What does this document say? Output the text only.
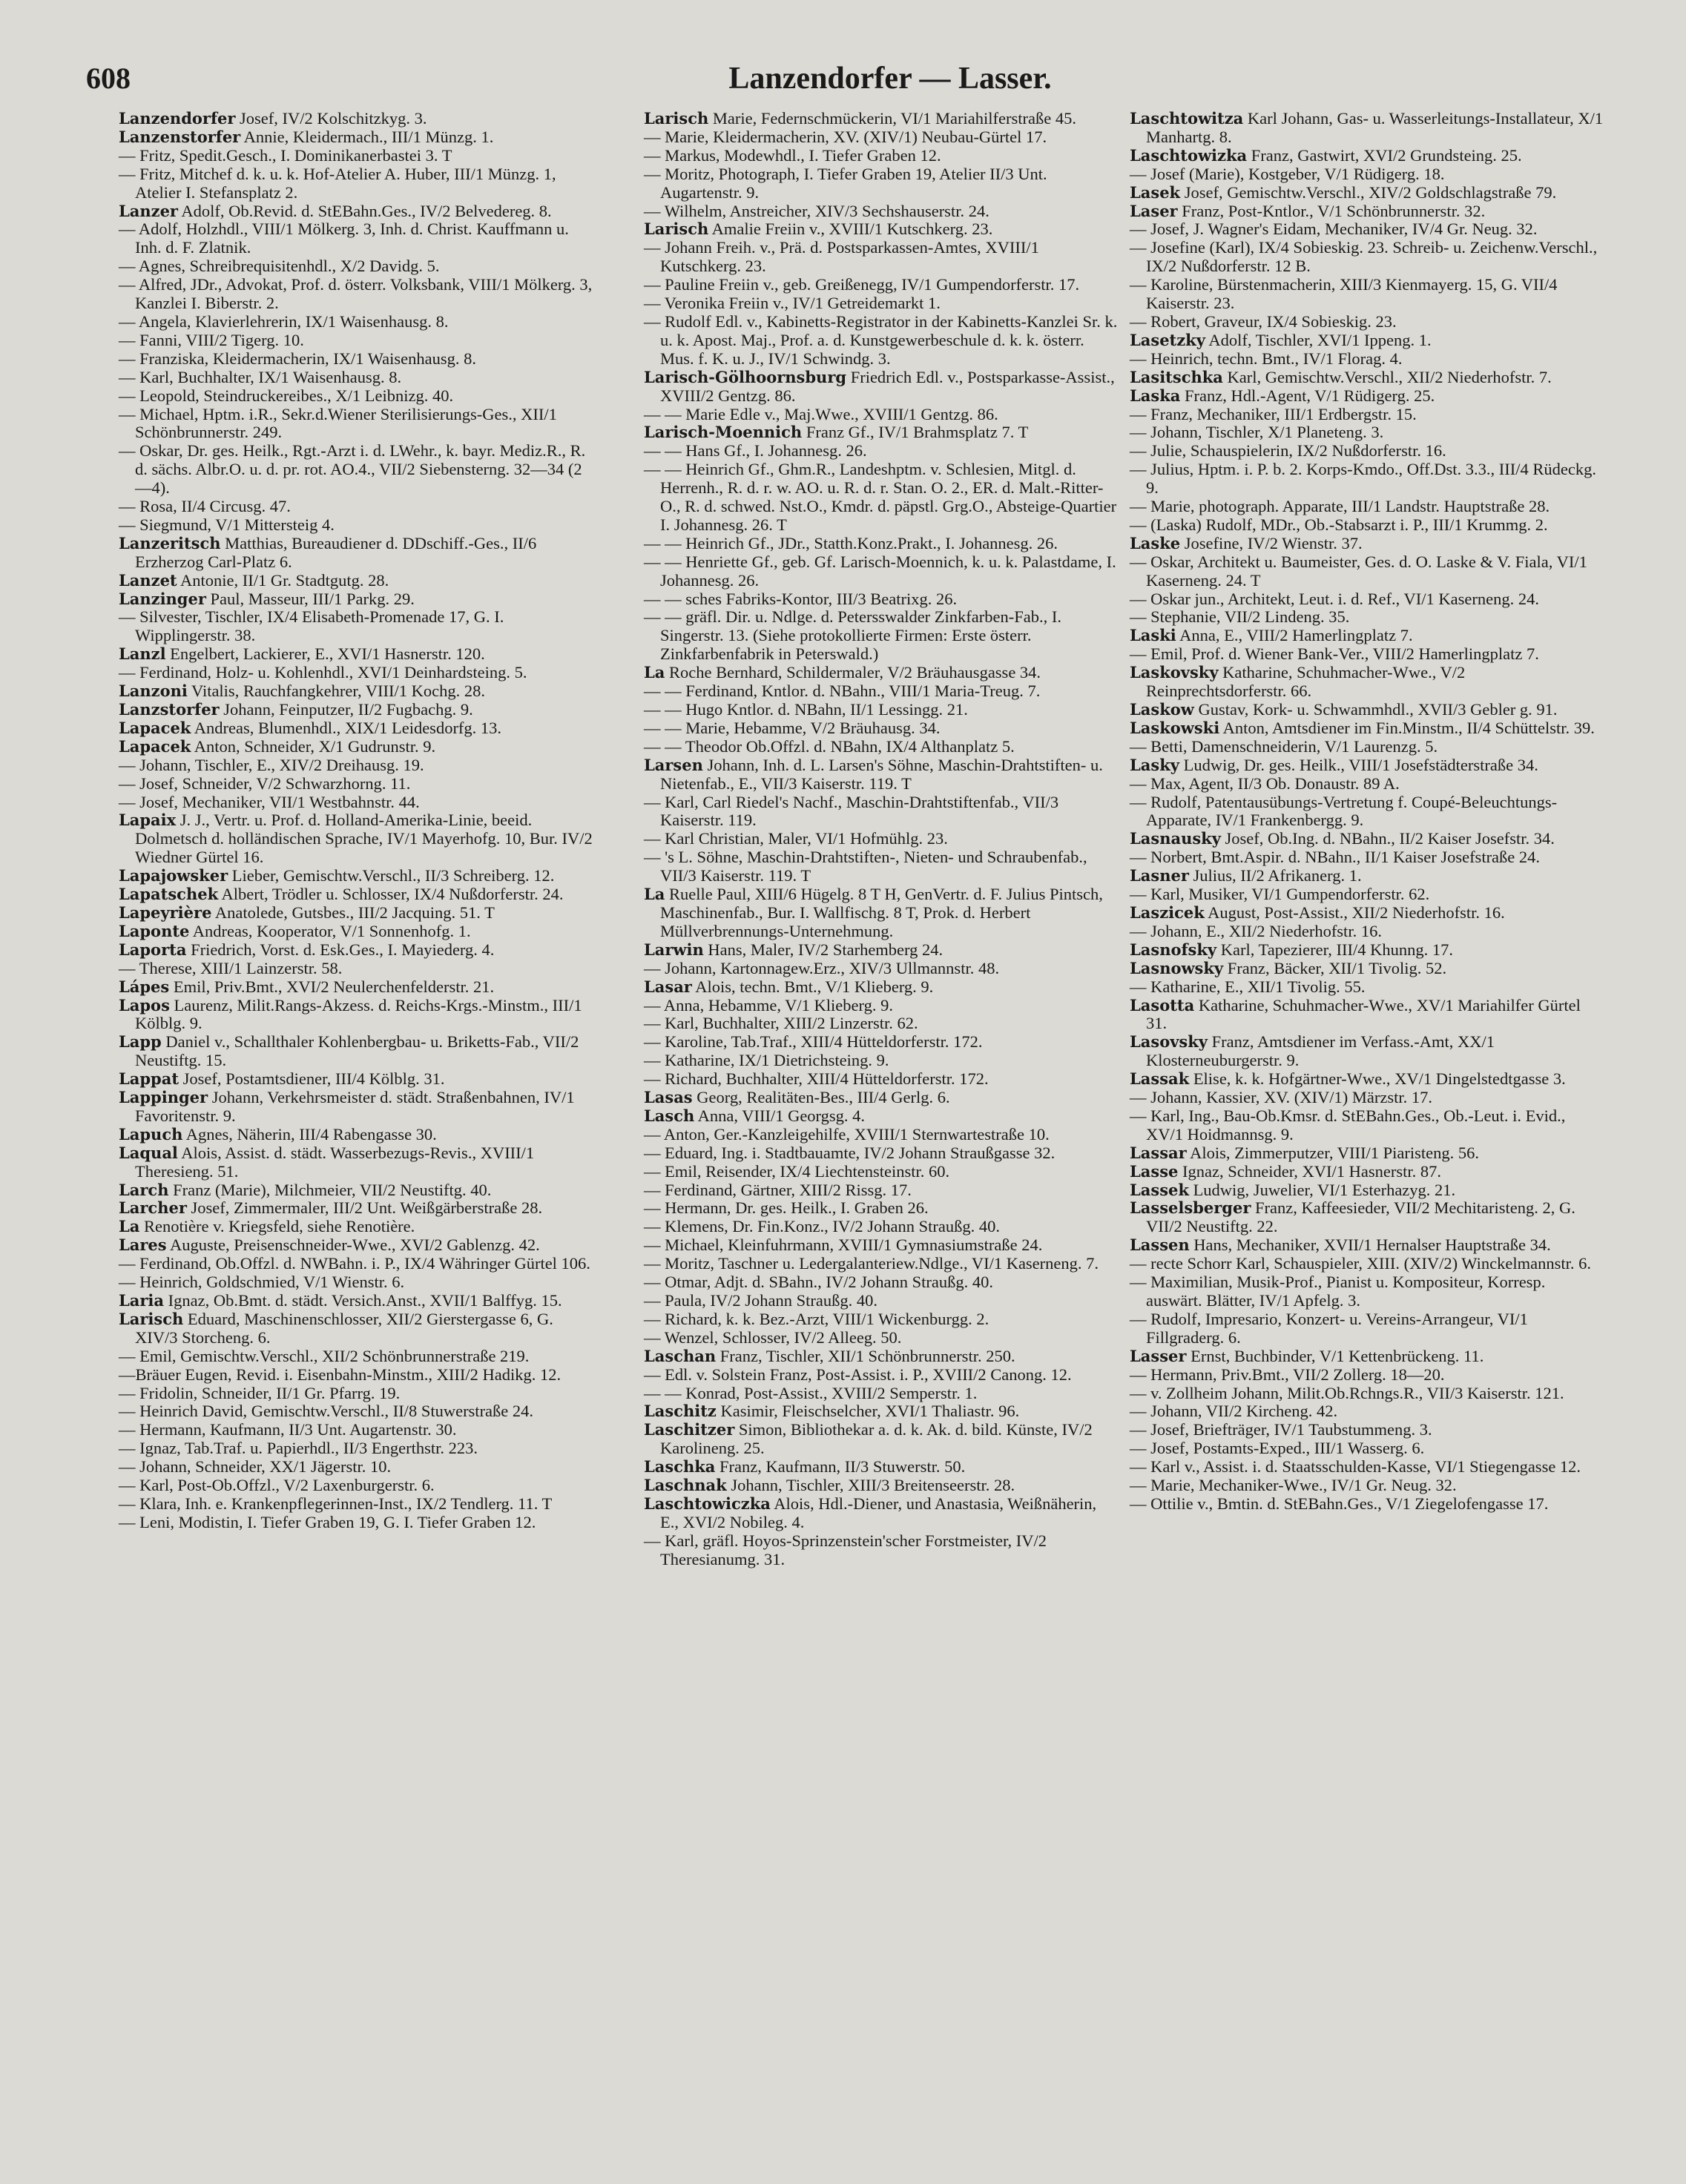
608	Lanzendorfer — Lasser.

Lanzendorfer Josef, IV/2 Kolschitzkyg. 3.

Lanzenstorfer Annie, Kleidermach., III/1 Münzg. 1.

— Fritz, Spedit.Gesch., I. Dominikanerbastei 3. T

— Fritz, Mitchef d. k. u. k. Hof-Atelier A. Huber, III/1 Münzg. 1, Atelier I. Stefansplatz 2.

Lanzer Adolf, Ob.Revid. d. StEBahn.Ges., IV/2 Belvedereg. 8.

— Adolf, Holzhdl., VIII/1 Mölkerg. 3, Inh. d. Christ. Kauffmann u. Inh. d. F. Zlatnik.

— Agnes, Schreibrequisitenhdl., X/2 Davidg. 5.

— Alfred, JDr., Advokat, Prof. d. österr. Volksbank, VIII/1 Mölkerg. 3, Kanzlei I. Biberstr. 2.

— Angela, Klavierlehrerin, IX/1 Waisenhausg. 8.

— Fanni, VIII/2 Tigerg. 10.

— Franziska, Kleidermacherin, IX/1 Waisenhausg. 8.

— Karl, Buchhalter, IX/1 Waisenhausg. 8.

— Leopold, Steindruckereibes., X/1 Leibnizg. 40.

— Michael, Hptm. i.R., Sekr.d.Wiener Sterilisierungs-Ges., XII/1 Schönbrunnerstr. 249.

— Oskar, Dr. ges. Heilk., Rgt.-Arzt i. d. LWehr., k. bayr. Mediz.R., R. d. sächs. Albr.O. u. d. pr. rot. AO.4., VII/2 Siebensterng. 32—34 (2—4).

— Rosa, II/4 Circusg. 47.

— Siegmund, V/1 Mittersteig 4.

Lanzeritsch Matthias, Bureaudiener d. DDschiff.-Ges., II/6 Erzherzog Carl-Platz 6.

Lanzet Antonie, II/1 Gr. Stadtgutg. 28.

Lanzinger Paul, Masseur, III/1 Parkg. 29.

— Silvester, Tischler, IX/4 Elisabeth-Promenade 17, G. I. Wipplingerstr. 38.

Lanzl Engelbert, Lackierer, E., XVI/1 Hasnerstr. 120.

— Ferdinand, Holz- u. Kohlenhdl., XVI/1 Deinhardsteing. 5.

Lanzoni Vitalis, Rauchfangkehrer, VIII/1 Kochg. 28.

Lanzstorfer Johann, Feinputzer, II/2 Fugbachg. 9.

Lapacek Andreas, Blumenhdl., XIX/1 Leidesdorfg. 13.

Lapacek Anton, Schneider, X/1 Gudrunstr. 9.

— Johann, Tischler, E., XIV/2 Dreihausg. 19.

— Josef, Schneider, V/2 Schwarzhorng. 11.

— Josef, Mechaniker, VII/1 Westbahnstr. 44.

Lapaix J. J., Vertr. u. Prof. d. Holland-Amerika-Linie, beeid. Dolmetsch d. holländischen Sprache, IV/1 Mayerhofg. 10, Bur. IV/2 Wiedner Gürtel 16.

Lapajowsker Lieber, Gemischtw.Verschl., II/3 Schreiberg. 12.

Lapatschek Albert, Trödler u. Schlosser, IX/4 Nußdorferstr. 24.

Lapeyrière Anatolede, Gutsbes., III/2 Jacquing. 51. T

Laponte Andreas, Kooperator, V/1 Sonnenhofg. 1.

Laporta Friedrich, Vorst. d. Esk.Ges., I. Mayiederg. 4.

— Therese, XIII/1 Lainzerstr. 58.

Lápes Emil, Priv.Bmt., XVI/2 Neulerchenfelderstr. 21.

Lapos Laurenz, Milit.Rangs-Akzess. d. Reichs-Krgs.-Minstm., III/1 Kölblg. 9.

Lapp Daniel v., Schallthaler Kohlenbergbau- u. Briketts-Fab., VII/2 Neustiftg. 15.

Lappat Josef, Postamtsdiener, III/4 Kölblg. 31.

Lappinger Johann, Verkehrsmeister d. städt. Straßenbahnen, IV/1 Favoritenstr. 9.

Lapuch Agnes, Näherin, III/4 Rabengasse 30.

Laqual Alois, Assist. d. städt. Wasserbezugs-Revis., XVIII/1 Theresieng. 51.

Larch Franz (Marie), Milchmeier, VII/2 Neustiftg. 40.

Larcher Josef, Zimmermaler, III/2 Unt. Weißgärberstraße 28.

La Renotière v. Kriegsfeld, siehe Renotière.

Lares Auguste, Preisenschneider-Wwe., XVI/2 Gablenzg. 42.

— Ferdinand, Ob.Offzl. d. NWBahn. i. P., IX/4 Währinger Gürtel 106.

— Heinrich, Goldschmied, V/1 Wienstr. 6.

Laria Ignaz, Ob.Bmt. d. städt. Versich.Anst., XVII/1 Balffyg. 15.

Larisch Eduard, Maschinenschlosser, XII/2 Gierstergasse 6, G. XIV/3 Storcheng. 6.

— Emil, Gemischtw.Verschl., XII/2 Schönbrunnerstraße 219.

—Bräuer Eugen, Revid. i. Eisenbahn-Minstm., XIII/2 Hadikg. 12.

— Fridolin, Schneider, II/1 Gr. Pfarrg. 19.

— Heinrich David, Gemischtw.Verschl., II/8 Stuwerstraße 24.

— Hermann, Kaufmann, II/3 Unt. Augartenstr. 30.

— Ignaz, Tab.Traf. u. Papierhdl., II/3 Engerthstr. 223.

— Johann, Schneider, XX/1 Jägerstr. 10.

— Karl, Post-Ob.Offzl., V/2 Laxenburgerstr. 6.

— Klara, Inh. e. Krankenpflegerinnen-Inst., IX/2 Tendlerg. 11. T

— Leni, Modistin, I. Tiefer Graben 19, G. I. Tiefer Graben 12.

Larisch Marie, Federnschmückerin, VI/1 Mariahilferstraße 45.

— Marie, Kleidermacherin, XV. (XIV/1) Neubau-Gürtel 17.

— Markus, Modewhdl., I. Tiefer Graben 12.

— Moritz, Photograph, I. Tiefer Graben 19, Atelier II/3 Unt. Augartenstr. 9.

— Wilhelm, Anstreicher, XIV/3 Sechshauserstr. 24.

Larisch Amalie Freiin v., XVIII/1 Kutschkerg. 23.

— Johann Freih. v., Prä. d. Postsparkassen-Amtes, XVIII/1 Kutschkerg. 23.

— Pauline Freiin v., geb. Greißenegg, IV/1 Gumpendorferstr. 17.

— Veronika Freiin v., IV/1 Getreidemarkt 1.

— Rudolf Edl. v., Kabinetts-Registrator in der Kabinetts-Kanzlei Sr. k. u. k. Apost. Maj., Prof. a. d. Kunstgewerbeschule d. k. k. österr. Mus. f. K. u. J., IV/1 Schwindg. 3.

Larisch-Gölhoornsburg Friedrich Edl. v., Postsparkasse-Assist., XVIII/2 Gentzg. 86.

— — Marie Edle v., Maj.Wwe., XVIII/1 Gentzg. 86.

Larisch-Moennich Franz Gf., IV/1 Brahmsplatz 7. T

— — Hans Gf., I. Johannesg. 26.

— — Heinrich Gf., Ghm.R., Landeshptm. v. Schlesien, Mitgl. d. Herrenh., R. d. r. w. AO. u. R. d. r. Stan. O. 2., ER. d. Malt.-Ritter-O., R. d. schwed. Nst.O., Kmdr. d. päpstl. Grg.O., Absteige-Quartier I. Johannesg. 26. T

— — Heinrich Gf., JDr., Statth.Konz.Prakt., I. Johannesg. 26.

— — Henriette Gf., geb. Gf. Larisch-Moennich, k. u. k. Palastdame, I. Johannesg. 26.

— — sches Fabriks-Kontor, III/3 Beatrixg. 26.

— — gräfl. Dir. u. Ndlge. d. Petersswalder Zinkfarben-Fab., I. Singerstr. 13. (Siehe protokollierte Firmen: Erste österr. Zinkfarbenfabrik in Peterswald.)

La Roche Bernhard, Schildermaler, V/2 Bräuhausgasse 34.

— — Ferdinand, Kntlor. d. NBahn., VIII/1 Maria-Treug. 7.

— — Hugo Kntlor. d. NBahn, II/1 Lessingg. 21.

— — Marie, Hebamme, V/2 Bräuhausg. 34.

— — Theodor Ob.Offzl. d. NBahn, IX/4 Althanplatz 5.

Larsen Johann, Inh. d. L. Larsen's Söhne, Maschin-Drahtstiften- u. Nietenfab., E., VII/3 Kaiserstr. 119. T

— Karl, Carl Riedel's Nachf., Maschin-Drahtstiftenfab., VII/3 Kaiserstr. 119.

— Karl Christian, Maler, VI/1 Hofmühlg. 23.

— 's L. Söhne, Maschin-Drahtstiften-, Nieten- und Schraubenfab., VII/3 Kaiserstr. 119. T

La Ruelle Paul, XIII/6 Hügelg. 8 T H, GenVertr. d. F. Julius Pintsch, Maschinenfab., Bur. I. Wallfischg. 8 T, Prok. d. Herbert Müllverbrennungs-Unternehmung.

Larwin Hans, Maler, IV/2 Starhemberg 24.

— Johann, Kartonnagew.Erz., XIV/3 Ullmannstr. 48.

Lasar Alois, techn. Bmt., V/1 Klieberg. 9.

— Anna, Hebamme, V/1 Klieberg. 9.

— Karl, Buchhalter, XIII/2 Linzerstr. 62.

— Karoline, Tab.Traf., XIII/4 Hütteldorferstr. 172.

— Katharine, IX/1 Dietrichsteing. 9.

— Richard, Buchhalter, XIII/4 Hütteldorferstr. 172.

Lasas Georg, Realitäten-Bes., III/4 Gerlg. 6.

Lasch Anna, VIII/1 Georgsg. 4.

— Anton, Ger.-Kanzleigehilfe, XVIII/1 Sternwartestraße 10.

— Eduard, Ing. i. Stadtbauamte, IV/2 Johann Straußgasse 32.

— Emil, Reisender, IX/4 Liechtensteinstr. 60.

— Ferdinand, Gärtner, XIII/2 Rissg. 17.

— Hermann, Dr. ges. Heilk., I. Graben 26.

— Klemens, Dr. Fin.Konz., IV/2 Johann Straußg. 40.

— Michael, Kleinfuhrmann, XVIII/1 Gymnasiumstraße 24.

— Moritz, Taschner u. Ledergalanteriew.Ndlge., VI/1 Kaserneng. 7.

— Otmar, Adjt. d. SBahn., IV/2 Johann Straußg. 40.

— Paula, IV/2 Johann Straußg. 40.

— Richard, k. k. Bez.-Arzt, VIII/1 Wickenburgg. 2.

— Wenzel, Schlosser, IV/2 Alleeg. 50.

Laschan Franz, Tischler, XII/1 Schönbrunnerstr. 250.

— Edl. v. Solstein Franz, Post-Assist. i. P., XVIII/2 Canong. 12.

— — Konrad, Post-Assist., XVIII/2 Semperstr. 1.

Laschitz Kasimir, Fleischselcher, XVI/1 Thaliastr. 96.

Laschitzer Simon, Bibliothekar a. d. k. Ak. d. bild. Künste, IV/2 Karolineng. 25.

Laschka Franz, Kaufmann, II/3 Stuwerstr. 50.

Laschnak Johann, Tischler, XIII/3 Breitenseerstr. 28.

Laschtowiczka Alois, Hdl.-Diener, und Anastasia, Weißnäherin, E., XVI/2 Nobileg. 4.

— Karl, gräfl. Hoyos-Sprinzenstein'scher Forstmeister, IV/2 Theresianumg. 31.

Laschtowitza Karl Johann, Gas- u. Wasserleitungs-Installateur, X/1 Manhartg. 8.

Laschtowizka Franz, Gastwirt, XVI/2 Grundsteing. 25.

— Josef (Marie), Kostgeber, V/1 Rüdigerg. 18.

Lasek Josef, Gemischtw.Verschl., XIV/2 Goldschlagstraße 79.

Laser Franz, Post-Kntlor., V/1 Schönbrunnerstr. 32.

— Josef, J. Wagner's Eidam, Mechaniker, IV/4 Gr. Neug. 32.

— Josefine (Karl), IX/4 Sobieskig. 23. Schreib- u. Zeichenw.Verschl., IX/2 Nußdorferstr. 12 B.

— Karoline, Bürstenmacherin, XIII/3 Kienmayerg. 15, G. VII/4 Kaiserstr. 23.

— Robert, Graveur, IX/4 Sobieskig. 23.

Lasetzky Adolf, Tischler, XVI/1 Ippeng. 1.

— Heinrich, techn. Bmt., IV/1 Florag. 4.

Lasitschka Karl, Gemischtw.Verschl., XII/2 Niederhofstr. 7.

Laska Franz, Hdl.-Agent, V/1 Rüdigerg. 25.

— Franz, Mechaniker, III/1 Erdbergstr. 15.

— Johann, Tischler, X/1 Planeteng. 3.

— Julie, Schauspielerin, IX/2 Nußdorferstr. 16.

— Julius, Hptm. i. P. b. 2. Korps-Kmdo., Off.Dst. 3.3., III/4 Rüdeckg. 9.

— Marie, photograph. Apparate, III/1 Landstr. Hauptstraße 28.

— (Laska) Rudolf, MDr., Ob.-Stabsarzt i. P., III/1 Krummg. 2.

Laske Josefine, IV/2 Wienstr. 37.

— Oskar, Architekt u. Baumeister, Ges. d. O. Laske & V. Fiala, VI/1 Kaserneng. 24. T

— Oskar jun., Architekt, Leut. i. d. Ref., VI/1 Kaserneng. 24.

— Stephanie, VII/2 Lindeng. 35.

Laski Anna, E., VIII/2 Hamerlingplatz 7.

— Emil, Prof. d. Wiener Bank-Ver., VIII/2 Hamerlingplatz 7.

Laskovsky Katharine, Schuhmacher-Wwe., V/2 Reinprechtsdorferstr. 66.

Laskow Gustav, Kork- u. Schwammhdl., XVII/3 Gebler g. 91.

Laskowski Anton, Amtsdiener im Fin.Minstm., II/4 Schüttelstr. 39.

— Betti, Damenschneiderin, V/1 Laurenzg. 5.

Lasky Ludwig, Dr. ges. Heilk., VIII/1 Josefstädterstraße 34.

— Max, Agent, II/3 Ob. Donaustr. 89 A.

— Rudolf, Patentausübungs-Vertretung f. Coupé-Beleuchtungs-Apparate, IV/1 Frankenbergg. 9.

Lasnausky Josef, Ob.Ing. d. NBahn., II/2 Kaiser Josefstr. 34.

— Norbert, Bmt.Aspir. d. NBahn., II/1 Kaiser Josefstraße 24.

Lasner Julius, II/2 Afrikanerg. 1.

— Karl, Musiker, VI/1 Gumpendorferstr. 62.

Laszicek August, Post-Assist., XII/2 Niederhofstr. 16.

— Johann, E., XII/2 Niederhofstr. 16.

Lasnofsky Karl, Tapezierer, III/4 Khunng. 17.

Lasnowsky Franz, Bäcker, XII/1 Tivolig. 52.

— Katharine, E., XII/1 Tivolig. 55.

Lasotta Katharine, Schuhmacher-Wwe., XV/1 Mariahilfer Gürtel 31.

Lasovsky Franz, Amtsdiener im Verfass.-Amt, XX/1 Klosterneuburgerstr. 9.

Lassak Elise, k. k. Hofgärtner-Wwe., XV/1 Dingelstedtgasse 3.

— Johann, Kassier, XV. (XIV/1) Märzstr. 17.

— Karl, Ing., Bau-Ob.Kmsr. d. StEBahn.Ges., Ob.-Leut. i. Evid., XV/1 Hoidmannsg. 9.

Lassar Alois, Zimmerputzer, VIII/1 Piaristeng. 56.

Lasse Ignaz, Schneider, XVI/1 Hasnerstr. 87.

Lassek Ludwig, Juwelier, VI/1 Esterhazyg. 21.

Lasselsberger Franz, Kaffeesieder, VII/2 Mechitaristeng. 2, G. VII/2 Neustiftg. 22.

Lassen Hans, Mechaniker, XVII/1 Hernalser Hauptstraße 34.

— recte Schorr Karl, Schauspieler, XIII. (XIV/2) Winckelmannstr. 6.

— Maximilian, Musik-Prof., Pianist u. Kompositeur, Korresp. auswärt. Blätter, IV/1 Apfelg. 3.

— Rudolf, Impresario, Konzert- u. Vereins-Arrangeur, VI/1 Fillgraderg. 6.

Lasser Ernst, Buchbinder, V/1 Kettenbrückeng. 11.

— Hermann, Priv.Bmt., VII/2 Zollerg. 18—20.

— v. Zollheim Johann, Milit.Ob.Rchngs.R., VII/3 Kaiserstr. 121.

— Johann, VII/2 Kircheng. 42.

— Josef, Briefträger, IV/1 Taubstummeng. 3.

— Josef, Postamts-Exped., III/1 Wasserg. 6.

— Karl v., Assist. i. d. Staatsschulden-Kasse, VI/1 Stiegengasse 12.

— Marie, Mechaniker-Wwe., IV/1 Gr. Neug. 32.

— Ottilie v., Bmtin. d. StEBahn.Ges., V/1 Ziegelofengasse 17.
